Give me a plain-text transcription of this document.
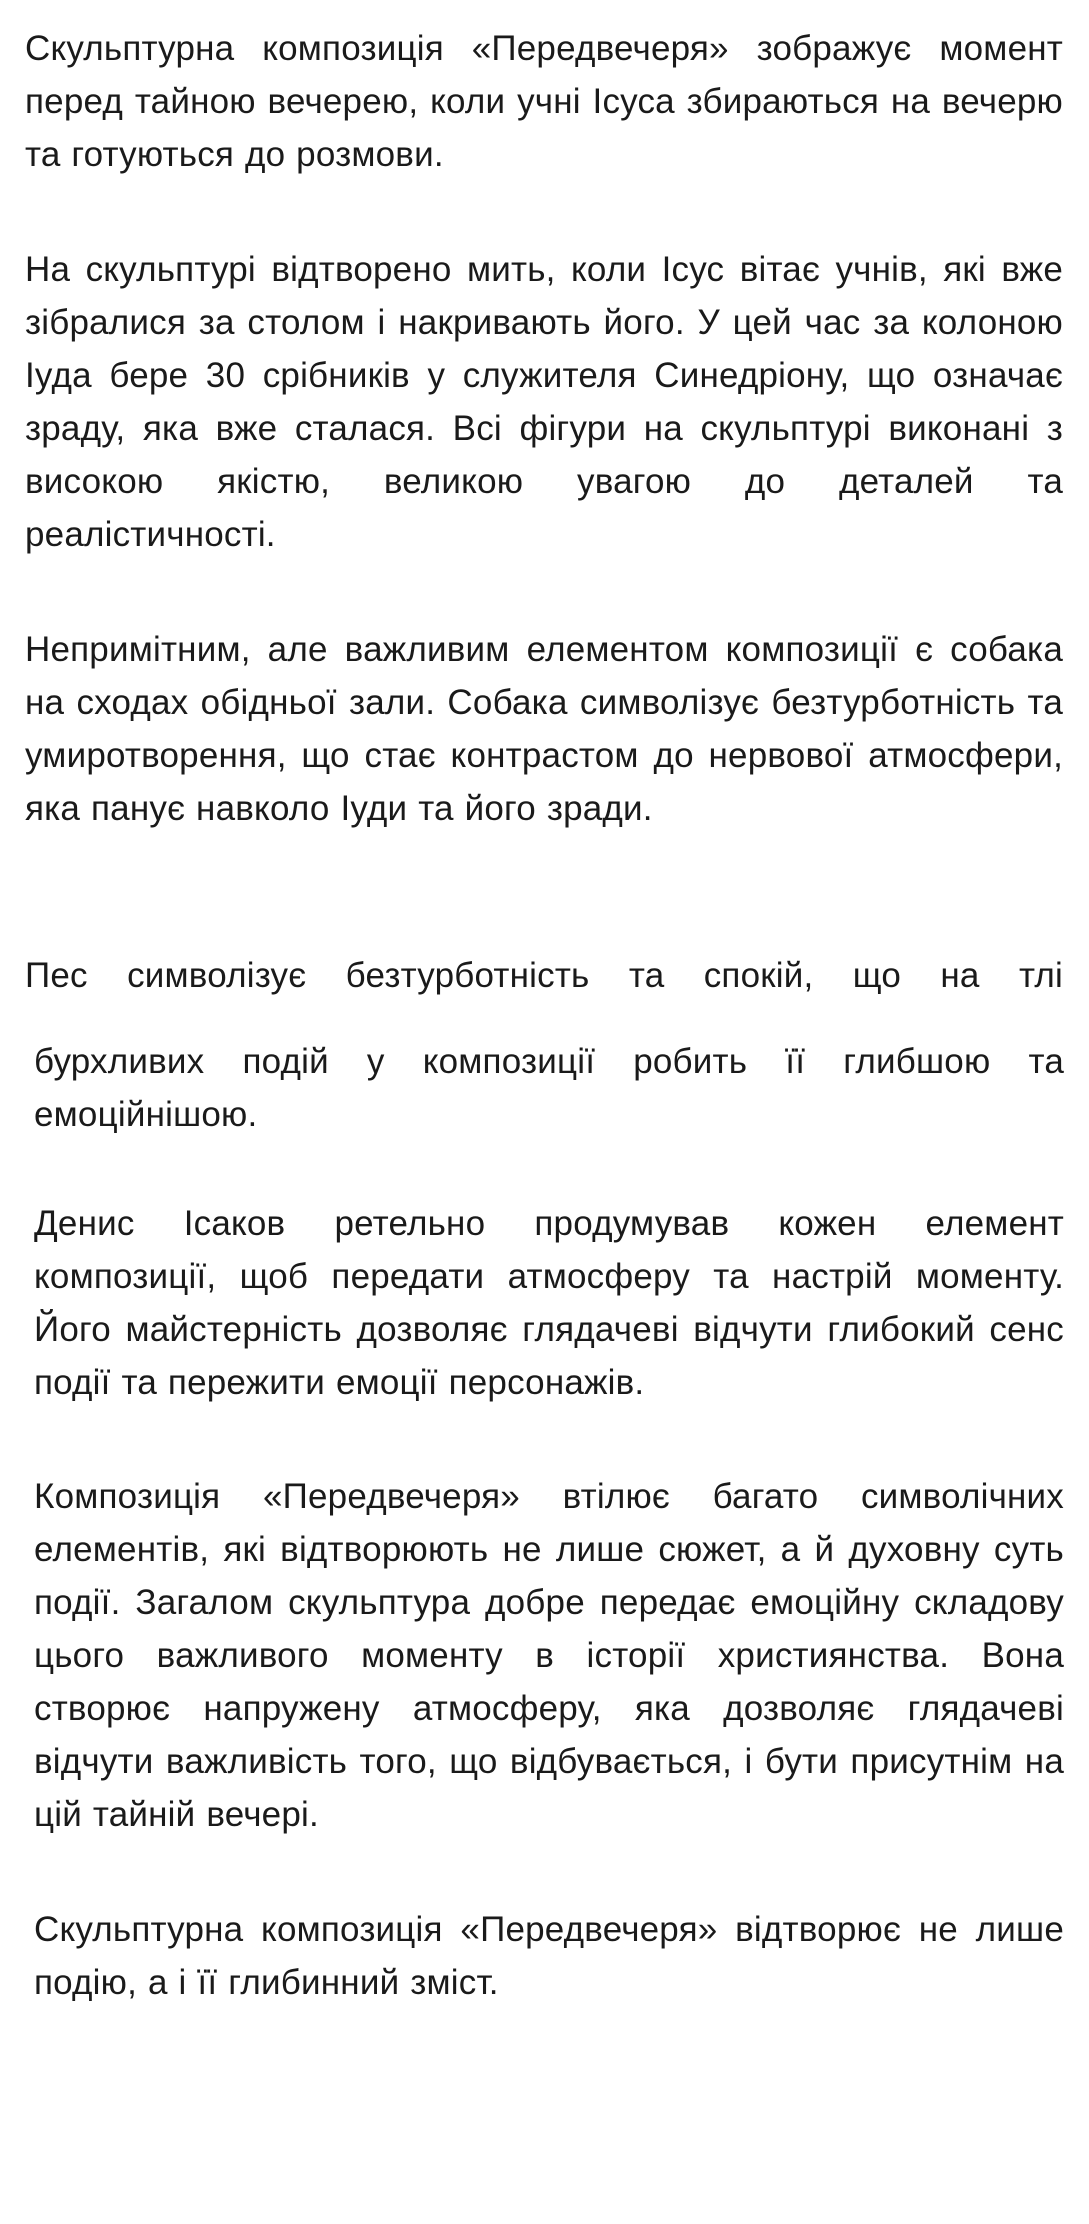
Скульптурна композиція «Передвечеря» зображує момент перед тайною вечерею, коли учні Ісуса збираються на вечерю та готуються до розмови.

На скульптурі відтворено мить, коли Ісус вітає учнів, які вже зібралися за столом і накривають його. У цей час за колоною Іуда бере 30 срібників у служителя Синедріону, що означає зраду, яка вже сталася. Всі фігури на скульптурі виконані з високою якістю, великою увагою до деталей та реалістичності.

Непримітним, але важливим елементом композиції є собака на сходах обідньої зали. Собака символізує безтурботність та умиротворення, що стає контрастом до нервової атмосфери, яка панує навколо Іуди та його зради.

Пес символізує безтурботність та спокій, що на тлі

бурхливих подій у композиції робить її глибшою та емоційнішою.

Денис Ісаков ретельно продумував кожен елемент композиції, щоб передати атмосферу та настрій моменту. Його майстерність дозволяє глядачеві відчути глибокий сенс події та пережити емоції персонажів.

Композиція «Передвечеря» втілює багато символічних елементів, які відтворюють не лише сюжет, а й духовну суть події. Загалом скульптура добре передає емоційну складову цього важливого моменту в історії християнства. Вона створює напружену атмосферу, яка дозволяє глядачеві відчути важливість того, що відбувається, і бути присутнім на цій тайній вечері.

Скульптурна композиція «Передвечеря» відтворює не лише подію, а і її глибинний зміст.
